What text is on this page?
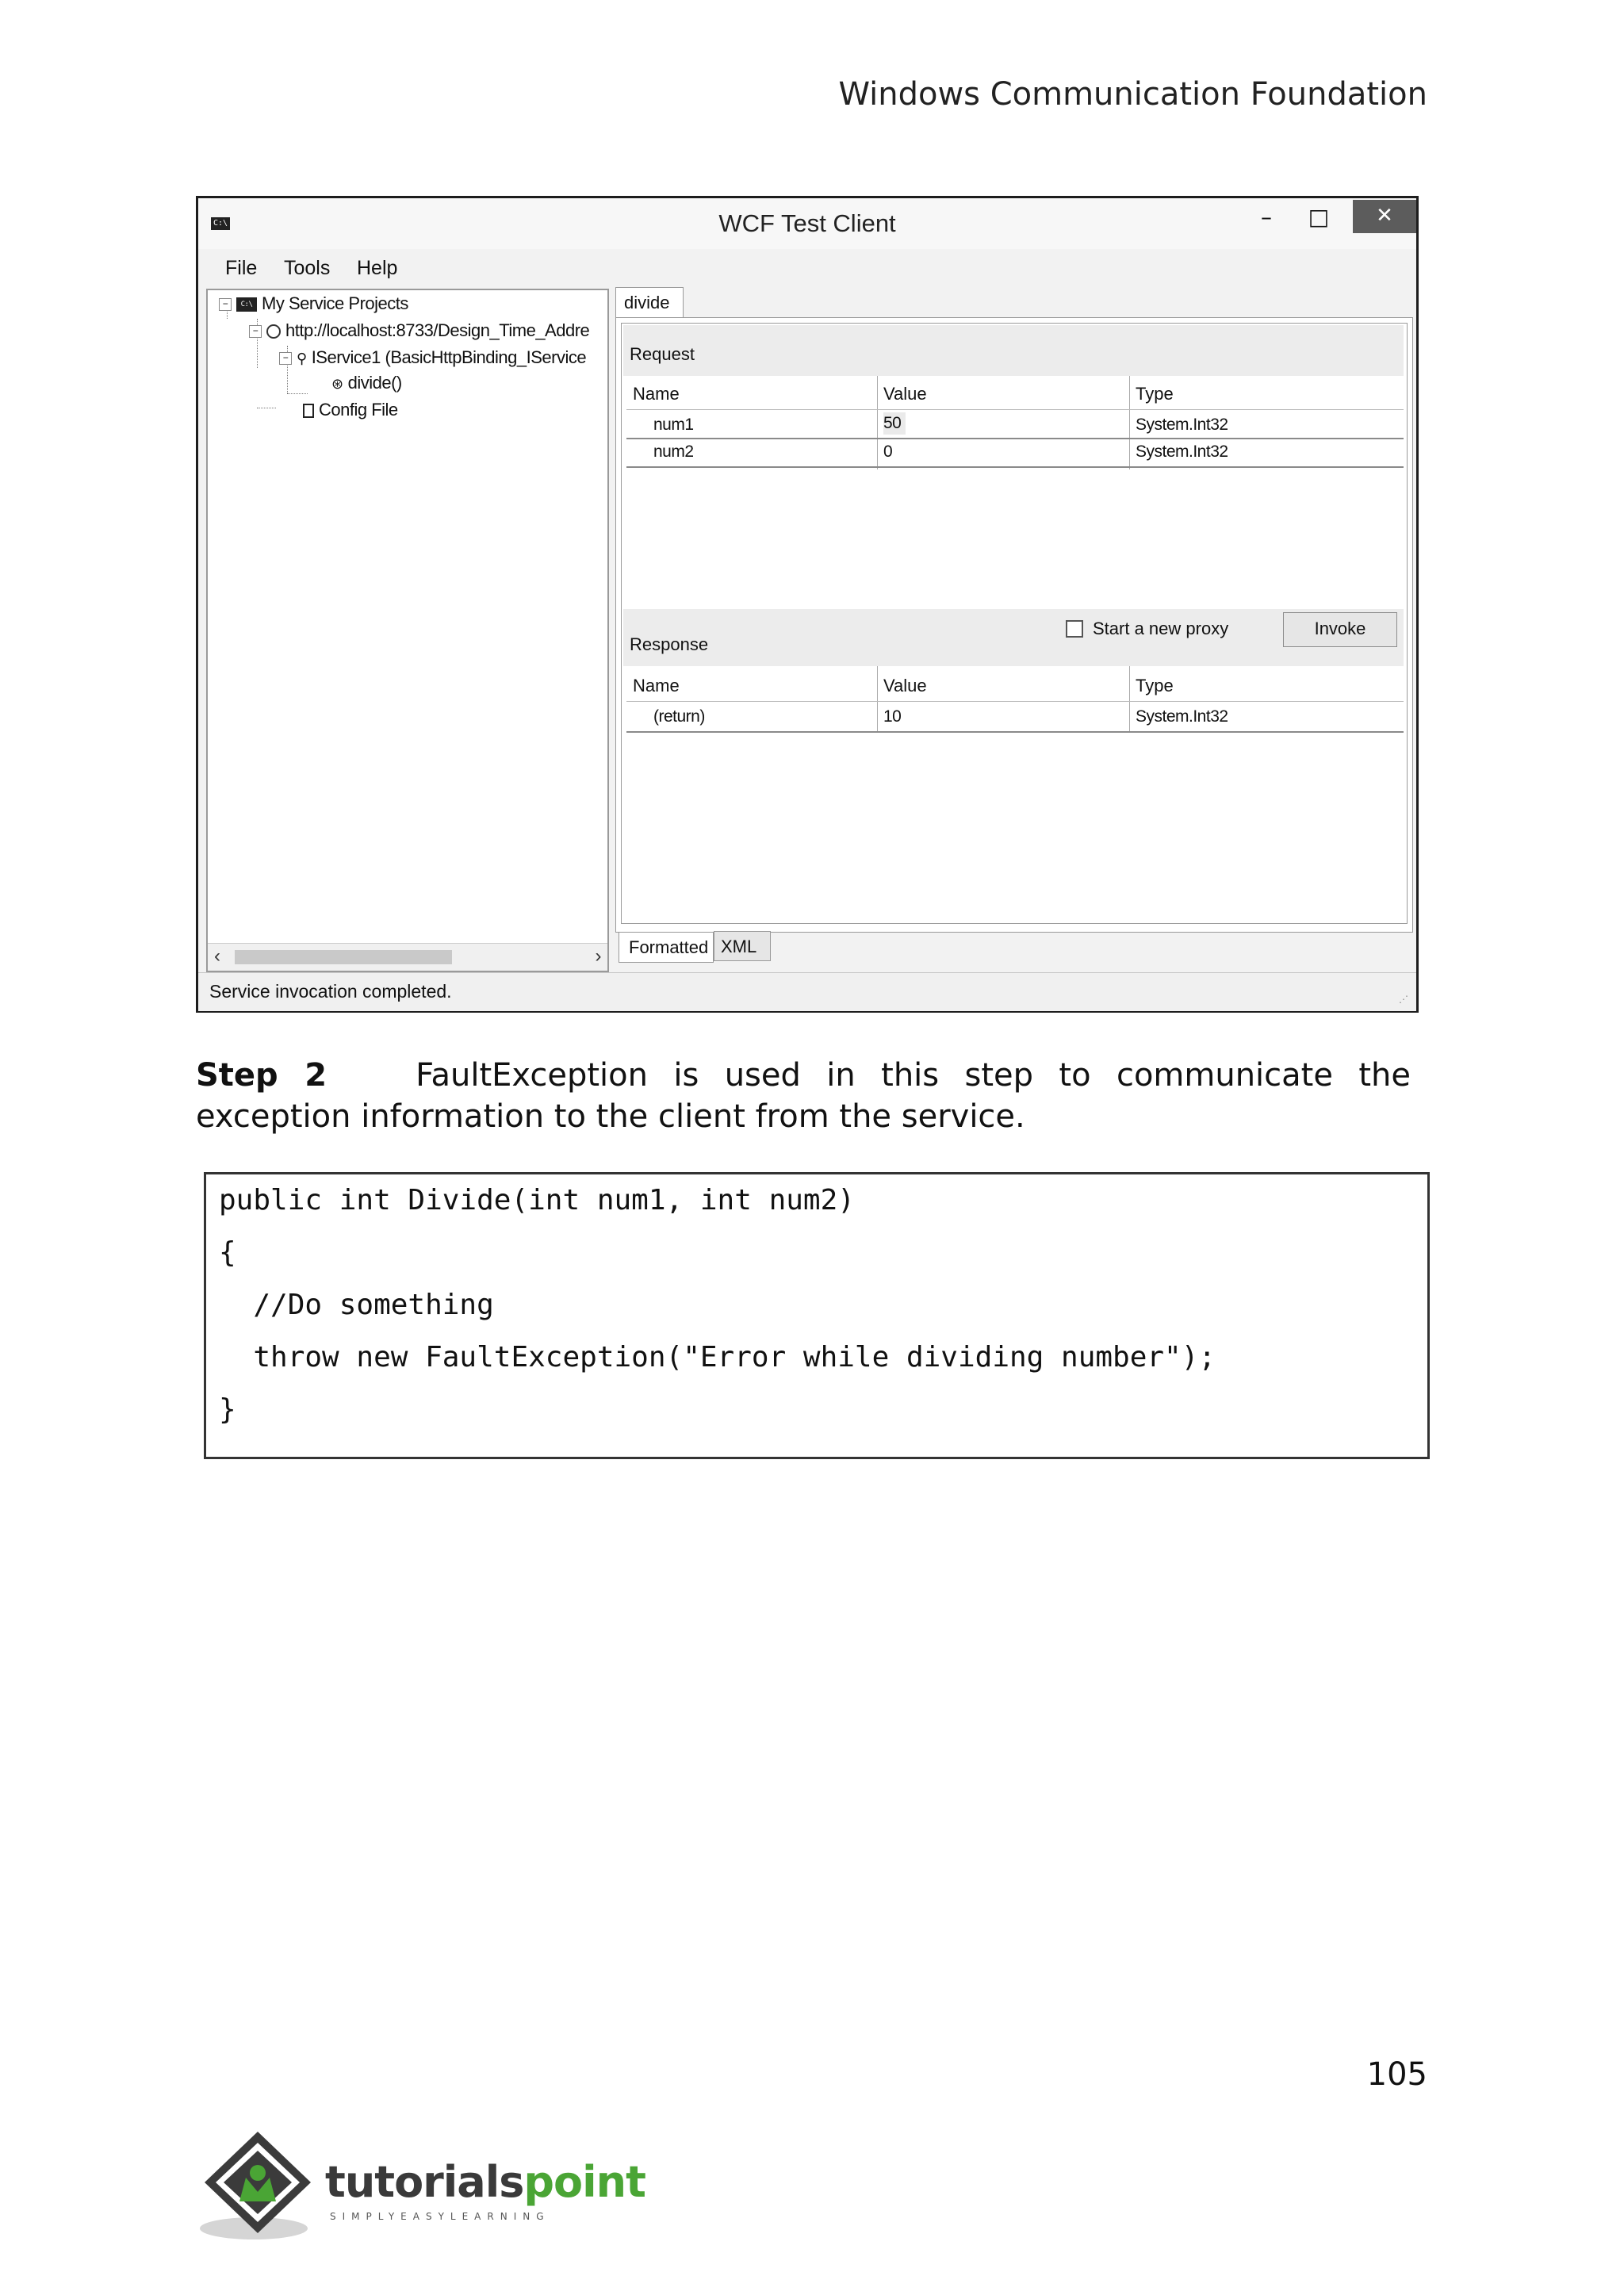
Windows Communication Foundation
C:\	WCF Test Client	–	□	✕
File Tools Help
− C:\ My Service Projects
− http://localhost:8733/Design_Time_Addre
− ⚲ IService1 (BasicHttpBinding_IService
⊛ divide()
Config File
‹	›
divide
Request
Name	Value	Type
num1	50	System.Int32
num2	0	System.Int32
Response
Start a new proxy	Invoke
Name	Value	Type
(return)	10	System.Int32
Formatted XML
Service invocation completed.	⋰
Step 2	FaultException is used in this step to communicate the exception information to the client from the service.
public int Divide(int num1, int num2)
{
//Do something
throw new FaultException("Error while dividing number");
}
105
tutorialspoint
SIMPLYEASYLEARNING
